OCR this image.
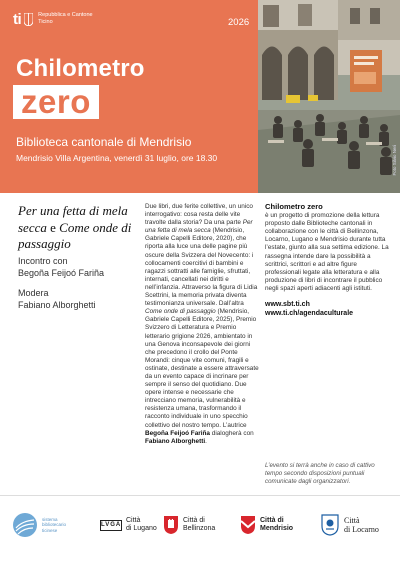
ti	Repubblica e Cantone
Ticino	2026
Chilometro
zero
Biblioteca cantonale di Mendrisio
Mendrisio Villa Argentina, venerdì 31 luglio, ore 18.30	Foto Silvio Neri
Per una fetta di mela secca e Come onde di passaggio
Incontro con
Begoña Feijoó Fariña
Modera
Fabiano Alborghetti
Due libri, due ferite collettive, un unico interrogativo: cosa resta delle vite travolte dalla storia? Da una parte Per una fetta di mela secca (Mendrisio, Gabriele Capelli Editore, 2020), che riporta alla luce una delle pagine più oscure della Svizzera del Novecento: i collocamenti coercitivi di bambini e ragazzi sottratti alle famiglie, sfruttati, internati, cancellati nei diritti e nell’infanzia. Attraverso la figura di Lidia Scettrini, la memoria privata diventa testimonianza universale. Dall’altra Come onde di passaggio (Mendrisio, Gabriele Capelli Editore, 2025), Premio Svizzero di Letteratura e Premio letterario grigione 2026, ambientato in una Genova inconsapevole dei giorni che precedono il crollo del Ponte Morandi: cinque vite comuni, fragili e ostinate, destinate a essere attraversate da un evento capace di incrinare per sempre il senso del quotidiano. Due opere intense e necessarie che intrecciano memoria, vulnerabilità e resistenza umana, trasformando il racconto individuale in uno specchio collettivo del nostro tempo. L’autrice Begoña Feijoó Fariña dialogherà con Fabiano Alborghetti.
Chilometro zero
è un progetto di promozione della lettura proposto dalle Biblioteche cantonali in collaborazione con le città di Bellinzona, Locarno, Lugano e Mendrisio durante tutta l’estate, giunto alla sua settima edizione. La rassegna intende dare la possibilità a scrittrici, scrittori e ad altre figure professionali legate alla letteratura e alla produzione di libri di incontrare il pubblico negli spazi aperti adiacenti agli istituti.
www.sbt.ti.ch
www.ti.ch/agendaculturale
L’evento si terrà anche in caso di cattivo tempo secondo disposizioni puntuali comunicate dagli organizzatori.
sistema bibliotecario ticinese
LVGA
Città
di Lugano
Città di
Bellinzona
Città di
Mendrisio
Città
di Locarno
